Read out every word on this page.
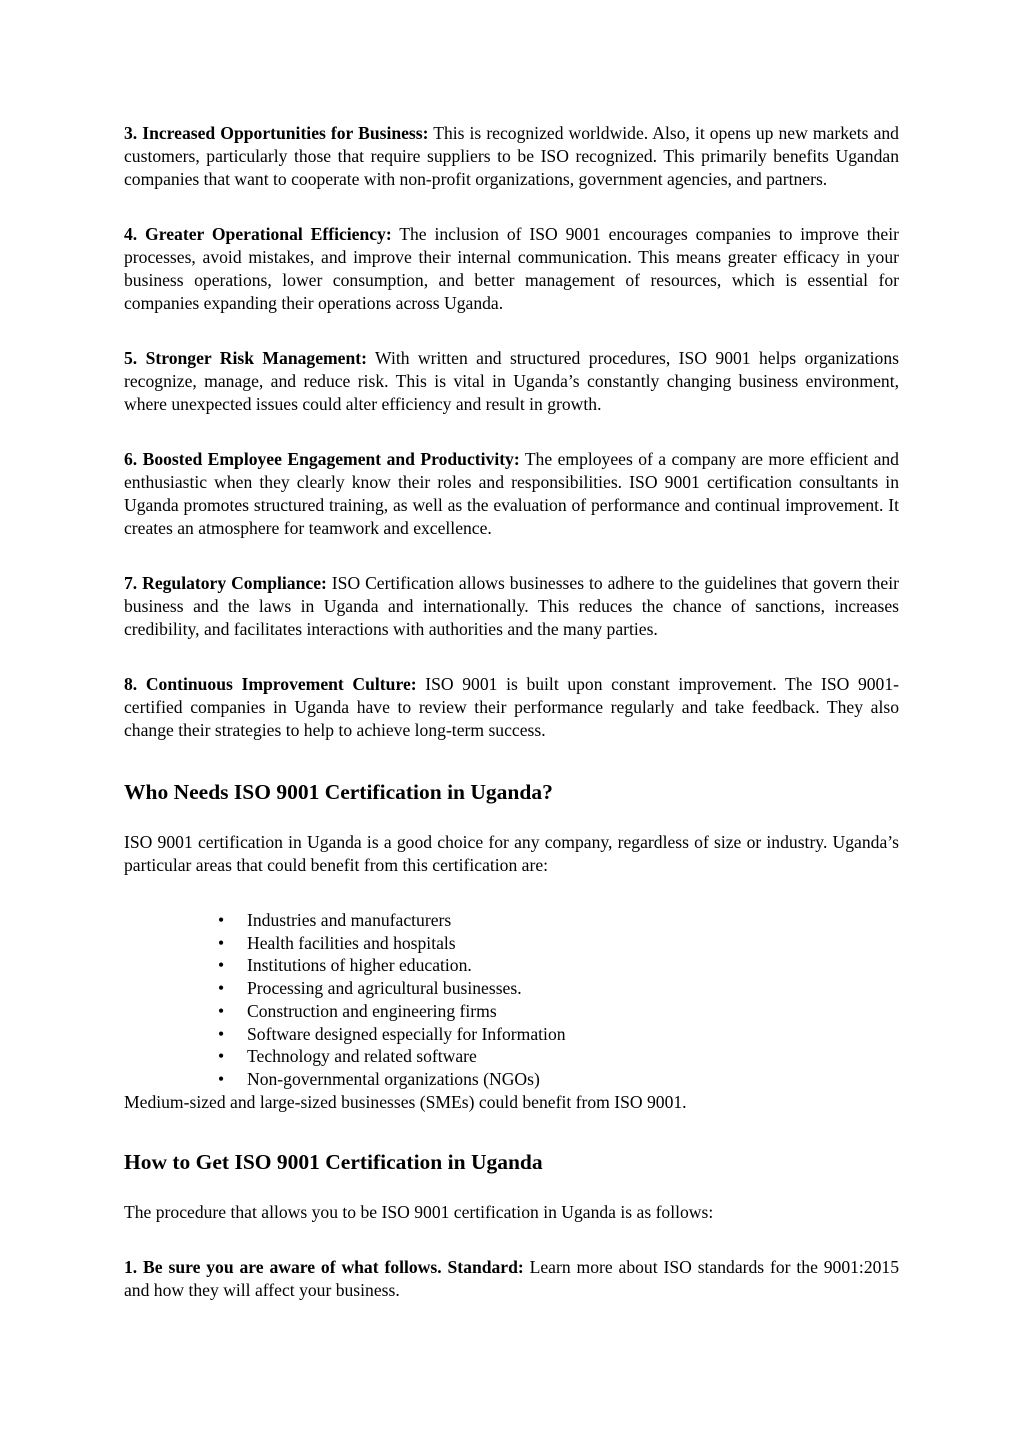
3. Increased Opportunities for Business: This is recognized worldwide. Also, it opens up new markets and customers, particularly those that require suppliers to be ISO recognized. This primarily benefits Ugandan companies that want to cooperate with non-profit organizations, government agencies, and partners.

4. Greater Operational Efficiency: The inclusion of ISO 9001 encourages companies to improve their processes, avoid mistakes, and improve their internal communication. This means greater efficacy in your business operations, lower consumption, and better management of resources, which is essential for companies expanding their operations across Uganda.

5. Stronger Risk Management: With written and structured procedures, ISO 9001 helps organizations recognize, manage, and reduce risk. This is vital in Uganda’s constantly changing business environment, where unexpected issues could alter efficiency and result in growth.

6. Boosted Employee Engagement and Productivity: The employees of a company are more efficient and enthusiastic when they clearly know their roles and responsibilities. ISO 9001 certification consultants in Uganda promotes structured training, as well as the evaluation of performance and continual improvement. It creates an atmosphere for teamwork and excellence.

7. Regulatory Compliance: ISO Certification allows businesses to adhere to the guidelines that govern their business and the laws in Uganda and internationally. This reduces the chance of sanctions, increases credibility, and facilitates interactions with authorities and the many parties.

8. Continuous Improvement Culture: ISO 9001 is built upon constant improvement. The ISO 9001-certified companies in Uganda have to review their performance regularly and take feedback. They also change their strategies to help to achieve long-term success.

Who Needs ISO 9001 Certification in Uganda?

ISO 9001 certification in Uganda is a good choice for any company, regardless of size or industry. Uganda’s particular areas that could benefit from this certification are:

• Industries and manufacturers
• Health facilities and hospitals
• Institutions of higher education.
• Processing and agricultural businesses.
• Construction and engineering firms
• Software designed especially for Information
• Technology and related software
• Non-governmental organizations (NGOs)

Medium-sized and large-sized businesses (SMEs) could benefit from ISO 9001.

How to Get ISO 9001 Certification in Uganda

The procedure that allows you to be ISO 9001 certification in Uganda is as follows:

1. Be sure you are aware of what follows. Standard: Learn more about ISO standards for the 9001:2015 and how they will affect your business.
